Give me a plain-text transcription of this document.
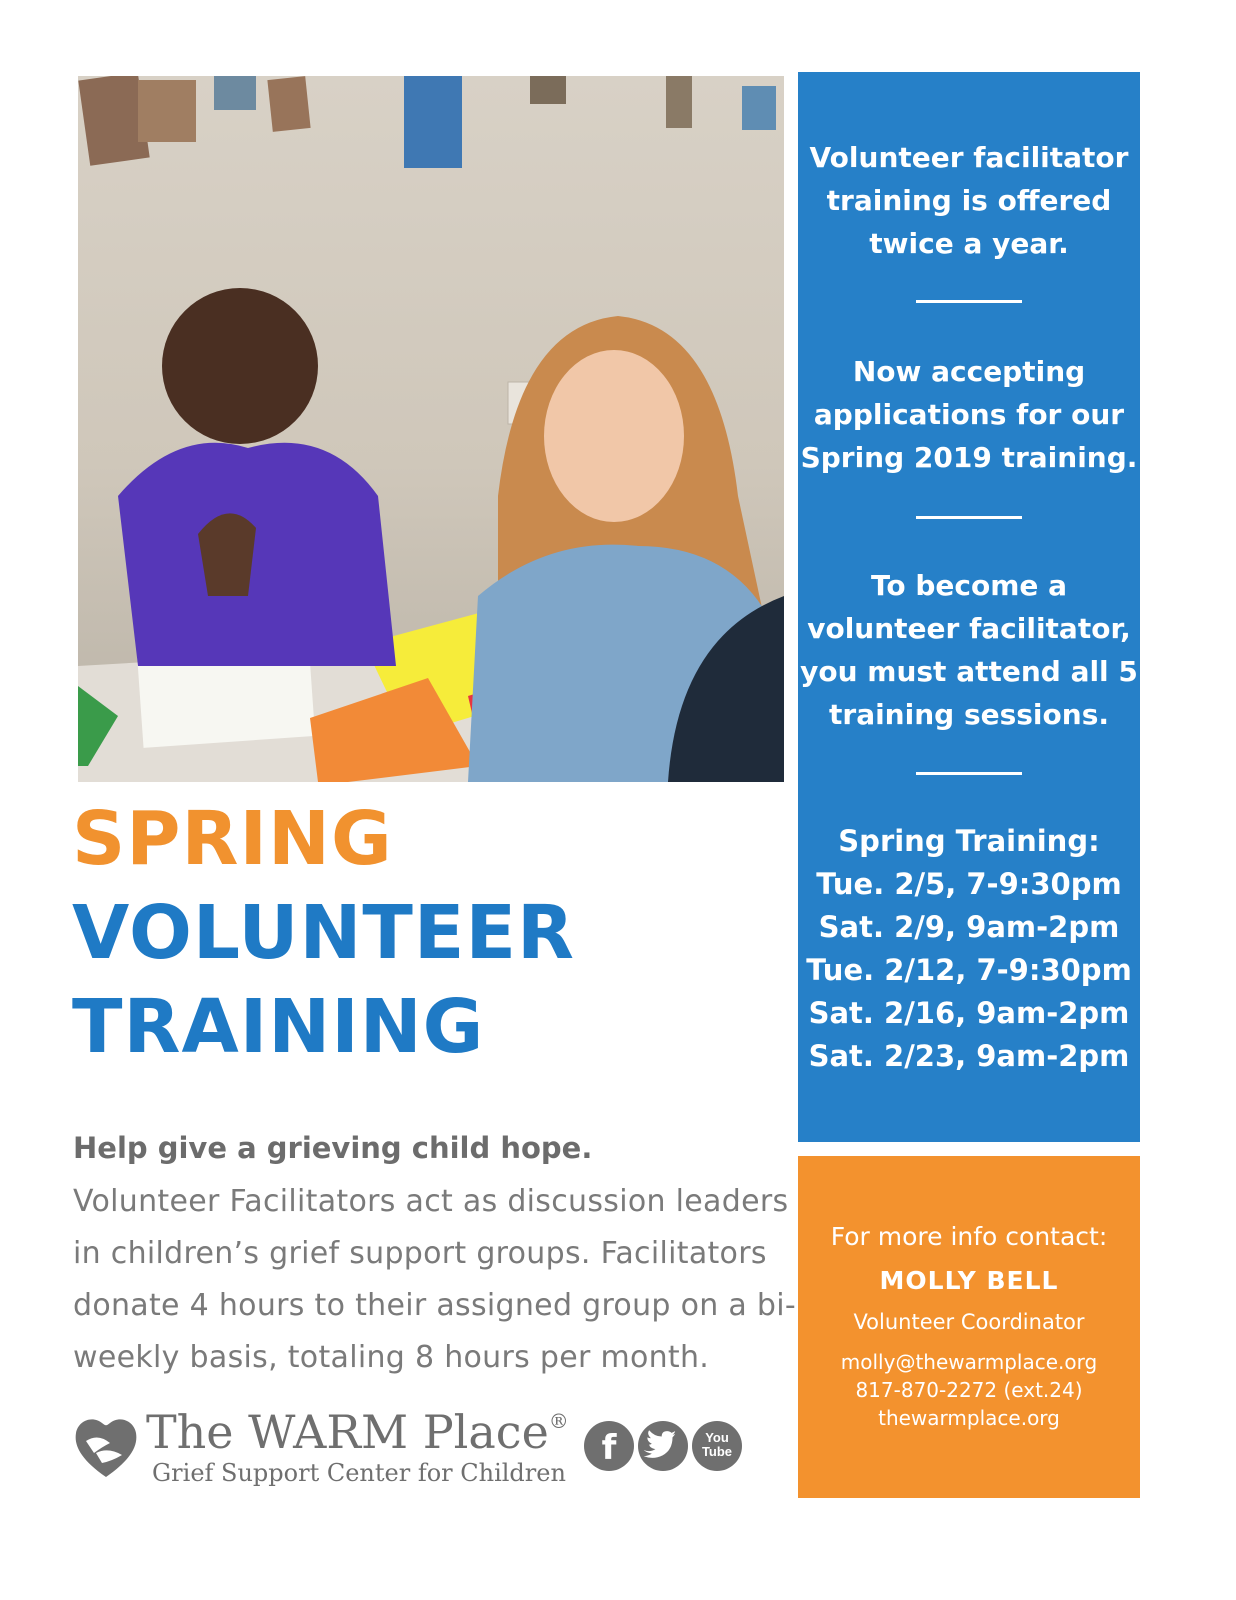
SPRING
VOLUNTEER
TRAINING
Help give a grieving child hope.
Volunteer Facilitators act as discussion leaders in children’s grief support groups. Facilitators donate 4 hours to their assigned group on a bi-weekly basis, totaling 8 hours per month.
The WARM Place®
Grief Support Center for Children
f	You
Tube
Volunteer facilitator training is offered twice a year.
Now accepting applications for our Spring 2019 training.
To become a volunteer facilitator, you must attend all 5 training sessions.
Spring Training:
Tue. 2/5, 7-9:30pm
Sat. 2/9, 9am-2pm
Tue. 2/12, 7-9:30pm
Sat. 2/16, 9am-2pm
Sat. 2/23, 9am-2pm
For more info contact:
MOLLY BELL
Volunteer Coordinator
molly@thewarmplace.org
817-870-2272 (ext.24)
thewarmplace.org
